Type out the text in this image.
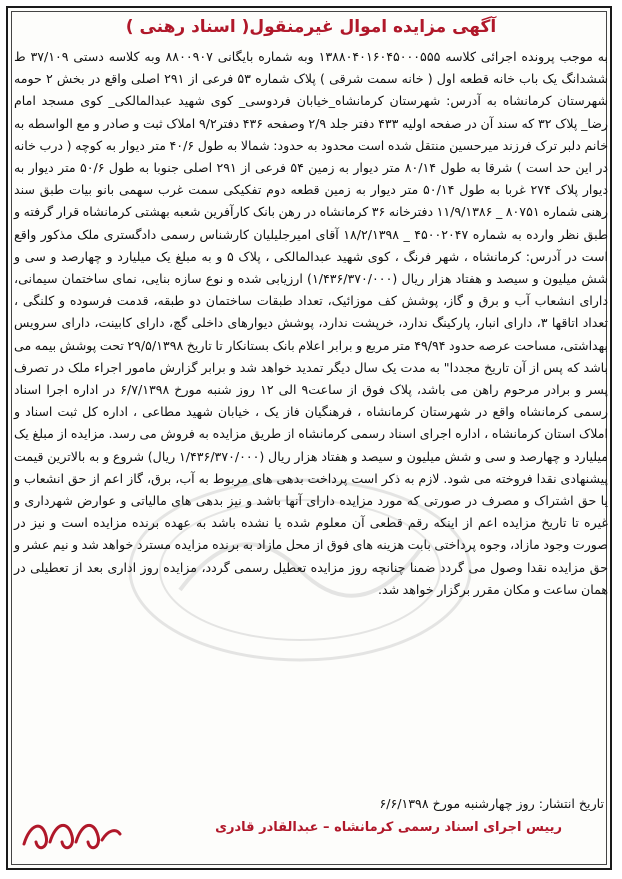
آگهی مزایده اموال غیرمنقول( اسناد رهنی )

به موجب پرونده اجرائی کلاسه ۱۳۸۸۰۴۰۱۶۰۴۵۰۰۰۵۵۵ وبه شماره بایگانی ۸۸۰۰۹۰۷ وبه کلاسه دستی ۳۷/۱۰۹ ط ششدانگ یک باب خانه قطعه اول ( خانه سمت شرقی ) پلاک شماره ۵۳ فرعی از ۲۹۱ اصلی واقع در بخش ۲ حومه شهرستان کرمانشاه به آدرس: شهرستان کرمانشاه_خیابان فردوسی_ کوی شهید عبدالمالکی_ کوی مسجد امام رضا_ پلاک ۳۲ که سند آن در صفحه اولیه ۴۳۳ دفتر جلد ۲/۹ وصفحه ۴۳۶ دفتر۹/۲ املاک ثبت و صادر و مع الواسطه به خانم دلبر ترک فرزند میرحسین منتقل شده است محدود به حدود: شمالا به طول ۴۰/۶ متر دیوار به کوچه ( درب خانه در این حد است ) شرقا به طول ۸۰/۱۴ متر دیوار به زمین ۵۴ فرعی از ۲۹۱ اصلی جنوبا به طول ۵۰/۶ متر دیوار به دیوار پلاک ۲۷۴ غربا به طول ۵۰/۱۴ متر دیوار به زمین قطعه دوم تفکیکی سمت غرب سهمی بانو بیات طبق سند رهنی شماره ۸۰۷۵۱ _ ۱۱/۹/۱۳۸۶ دفترخانه ۳۶ کرمانشاه در رهن بانک کارآفرین شعبه بهشتی کرمانشاه قرار گرفته و طبق نظر وارده به شماره ۴۵۰۰۲۰۴۷ _ ۱۸/۲/۱۳۹۸ آقای امیرجلیلیان کارشناس رسمی دادگستری ملک مذکور واقع است در آدرس: کرمانشاه ، شهر فرنگ ، کوی شهید عبدالمالکی ، پلاک ۵ و به مبلغ یک میلیارد و چهارصد و سی و شش میلیون و سیصد و هفتاد هزار ریال (۱/۴۳۶/۳۷۰/۰۰۰) ارزیابی شده و نوع سازه بنایی، نمای ساختمان سیمانی، دارای انشعاب آب و برق و گاز، پوشش کف موزائیک، تعداد طبقات ساختمان دو طبقه، قدمت فرسوده و کلنگی ، تعداد اتاقها ۳، دارای انبار، پارکینگ ندارد، خرپشت ندارد، پوشش دیوارهای داخلی گچ، دارای کابینت، دارای سرویس بهداشتی، مساحت عرصه حدود ۴۹/۹۴ متر مربع و برابر اعلام بانک بستانکار تا تاریخ ۲۹/۵/۱۳۹۸ تحت پوشش بیمه می باشد که پس از آن تاریخ مجددا" به مدت یک سال دیگر تمدید خواهد شد و برابر گزارش مامور اجراء ملک در تصرف پسر و برادر مرحوم راهن می باشد، پلاک فوق از ساعت۹ الی ۱۲ روز شنبه مورخ ۶/۷/۱۳۹۸ در اداره اجرا اسناد رسمی کرمانشاه واقع در شهرستان کرمانشاه ، فرهنگیان فاز یک ، خیابان شهید مطاعی ، اداره کل ثبت اسناد و املاک استان کرمانشاه ، اداره اجرای اسناد رسمی کرمانشاه از طریق مزایده به فروش می رسد. مزایده از مبلغ یک میلیارد و چهارصد و سی و شش میلیون و سیصد و هفتاد هزار ریال (۱/۴۳۶/۳۷۰/۰۰۰ ریال) شروع و به بالاترین قیمت پیشنهادی نقدا فروخته می شود. لازم به ذکر است پرداخت بدهی های مربوط به آب، برق، گاز اعم از حق انشعاب و یا حق اشتراک و مصرف در صورتی که مورد مزایده دارای آنها باشد و نیز بدهی های مالیاتی و عوارض شهرداری و غیره تا تاریخ مزایده اعم از اینکه رقم قطعی آن معلوم شده یا نشده باشد به عهده برنده مزایده است و نیز در صورت وجود مازاد، وجوه پرداختی بابت هزینه های فوق از محل مازاد به برنده مزایده مسترد خواهد شد و نیم عشر و حق مزایده نقدا وصول می گردد ضمنا چنانچه روز مزایده تعطیل رسمی گردد، مزایده روز اداری بعد از تعطیلی در همان ساعت و مکان مقرر برگزار خواهد شد.

تاریخ انتشار: روز چهارشنبه مورخ ۶/۶/۱۳۹۸

رییس اجرای اسناد رسمی کرمانشاه – عبدالقادر قادری
